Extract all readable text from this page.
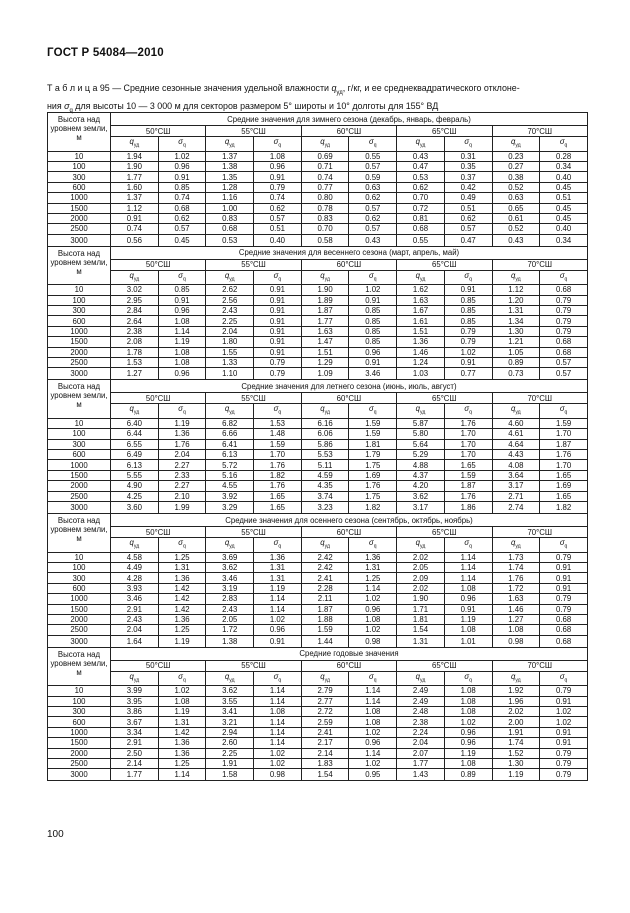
ГОСТ Р 54084—2010
Т а б л и ц а 95 — Средние сезонные значения удельной влажности $q_{уд}$, г/кг, и ее среднеквадратического отклоне-
ния $\sigma_q$ для высоты 10 — 3 000 м для секторов размером 5° широты и 10° долготы для 155° ВД
Высота над уровнем земли, м	Средние значения для зимнего сезона (декабрь, январь, февраль)									
	50°СШ		55°СШ		60°СШ		65°СШ		70°СШ	
	$q_{уд}$	$\sigma_q$	$q_{уд}$	$\sigma_q$	$q_{уд}$	$\sigma_q$	$q_{уд}$	$\sigma_q$	$q_{уд}$	$\sigma_q$
10	1.94	1.02	1.37	1.08	0.69	0.55	0.43	0.31	0.23	0.28
100	1.90	0.96	1.38	0.96	0.71	0.57	0.47	0.35	0.27	0.34
300	1.77	0.91	1.35	0.91	0.74	0.59	0.53	0.37	0.38	0.40
600	1.60	0.85	1.28	0.79	0.77	0.63	0.62	0.42	0.52	0.45
1000	1.37	0.74	1.16	0.74	0.80	0.62	0.70	0.49	0.63	0.51
1500	1.12	0.68	1.00	0.62	0.78	0.57	0.72	0.51	0.65	0.45
2000	0.91	0.62	0.83	0.57	0.83	0.62	0.81	0.62	0.61	0.45
2500	0.74	0.57	0.68	0.51	0.70	0.57	0.68	0.57	0.52	0.40
3000	0.56	0.45	0.53	0.40	0.58	0.43	0.55	0.47	0.43	0.34
Высота над уровнем земли, м	Средние значения для весеннего сезона (март, апрель, май)									
	50°СШ		55°СШ		60°СШ		65°СШ		70°СШ	
	$q_{уд}$	$\sigma_q$	$q_{уд}$	$\sigma_q$	$q_{уд}$	$\sigma_q$	$q_{уд}$	$\sigma_q$	$q_{уд}$	$\sigma_q$
10	3.02	0.85	2.62	0.91	1.90	1.02	1.62	0.91	1.12	0.68
100	2.95	0.91	2.56	0.91	1.89	0.91	1.63	0.85	1.20	0.79
300	2.84	0.96	2.43	0.91	1.87	0.85	1.67	0.85	1.31	0.79
600	2.64	1.08	2.25	0.91	1.77	0.85	1.61	0.85	1.34	0.79
1000	2.38	1.14	2.04	0.91	1.63	0.85	1.51	0.79	1.30	0.79
1500	2.08	1.19	1.80	0.91	1.47	0.85	1.36	0.79	1.21	0.68
2000	1.78	1.08	1.55	0.91	1.51	0.96	1.46	1.02	1.05	0.68
2500	1.53	1.08	1.33	0.79	1.29	0.91	1.24	0.91	0.89	0.57
3000	1.27	0.96	1.10	0.79	1.09	3.46	1.03	0.77	0.73	0.57
Высота над уровнем земли, м	Средние значения для летнего сезона (июнь, июль, август)									
	50°СШ		55°СШ		60°СШ		65°СШ		70°СШ	
	$q_{уд}$	$\sigma_q$	$q_{уд}$	$\sigma_q$	$q_{уд}$	$\sigma_q$	$q_{уд}$	$\sigma_q$	$q_{уд}$	$\sigma_q$
10	6.40	1.19	6.82	1.53	6.16	1.59	5.87	1.76	4.60	1.59
100	6.44	1.36	6.66	1.48	6.06	1.59	5.80	1.70	4.61	1.70
300	6.55	1.76	6.41	1.59	5.86	1.81	5.64	1.70	4.64	1.87
600	6.49	2.04	6.13	1.70	5.53	1.79	5.29	1.70	4.43	1.76
1000	6.13	2.27	5.72	1.76	5.11	1.75	4.88	1.65	4.08	1.70
1500	5.55	2.33	5.16	1.82	4.59	1.69	4.37	1.59	3.64	1.65
2000	4.90	2.27	4.55	1.76	4.35	1.76	4.20	1.87	3.17	1.69
2500	4.25	2.10	3.92	1.65	3.74	1.75	3.62	1.76	2.71	1.65
3000	3.60	1.99	3.29	1.65	3.23	1.82	3.17	1.86	2.74	1.82
Высота над уровнем земли, м	Средние значения для осеннего сезона (сентябрь, октябрь, ноябрь)									
	50°СШ		55°СШ		60°СШ		65°СШ		70°СШ	
	$q_{уд}$	$\sigma_q$	$q_{уд}$	$\sigma_q$	$q_{уд}$	$\sigma_q$	$q_{уд}$	$\sigma_q$	$q_{уд}$	$\sigma_q$
10	4.58	1.25	3.69	1.36	2.42	1.36	2.02	1.14	1.73	0.79
100	4.49	1.31	3.62	1.31	2.42	1.31	2.05	1.14	1.74	0.91
300	4.28	1.36	3.46	1.31	2.41	1.25	2.09	1.14	1.76	0.91
600	3.93	1.42	3.19	1.19	2.28	1.14	2.02	1.08	1.72	0.91
1000	3.46	1.42	2.83	1.14	2.11	1.02	1.90	0.96	1.63	0.79
1500	2.91	1.42	2.43	1.14	1.87	0.96	1.71	0.91	1.46	0.79
2000	2.43	1.36	2.05	1.02	1.88	1.08	1.81	1.19	1.27	0.68
2500	2.04	1.25	1.72	0.96	1.59	1.02	1.54	1.08	1.08	0.68
3000	1.64	1.19	1.38	0.91	1.44	0.98	1.31	1.01	0.98	0.68
Высота над уровнем земли, м	Средние годовые значения									
	50°СШ		55°СШ		60°СШ		65°СШ		70°СШ	
	$q_{уд}$	$\sigma_q$	$q_{уд}$	$\sigma_q$	$q_{уд}$	$\sigma_q$	$q_{уд}$	$\sigma_q$	$q_{уд}$	$\sigma_q$
10	3.99	1.02	3.62	1.14	2.79	1.14	2.49	1.08	1.92	0.79
100	3.95	1.08	3.55	1.14	2.77	1.14	2.49	1.08	1.96	0.91
300	3.86	1.19	3.41	1.08	2.72	1.08	2.48	1.08	2.02	1.02
600	3.67	1.31	3.21	1.14	2.59	1.08	2.38	1.02	2.00	1.02
1000	3.34	1.42	2.94	1.14	2.41	1.02	2.24	0.96	1.91	0.91
1500	2.91	1.36	2.60	1.14	2.17	0.96	2.04	0.96	1.74	0.91
2000	2.50	1.36	2.25	1.02	2.14	1.14	2.07	1.19	1.52	0.79
2500	2.14	1.25	1.91	1.02	1.83	1.02	1.77	1.08	1.30	0.79
3000	1.77	1.14	1.58	0.98	1.54	0.95	1.43	0.89	1.19	0.79
100
